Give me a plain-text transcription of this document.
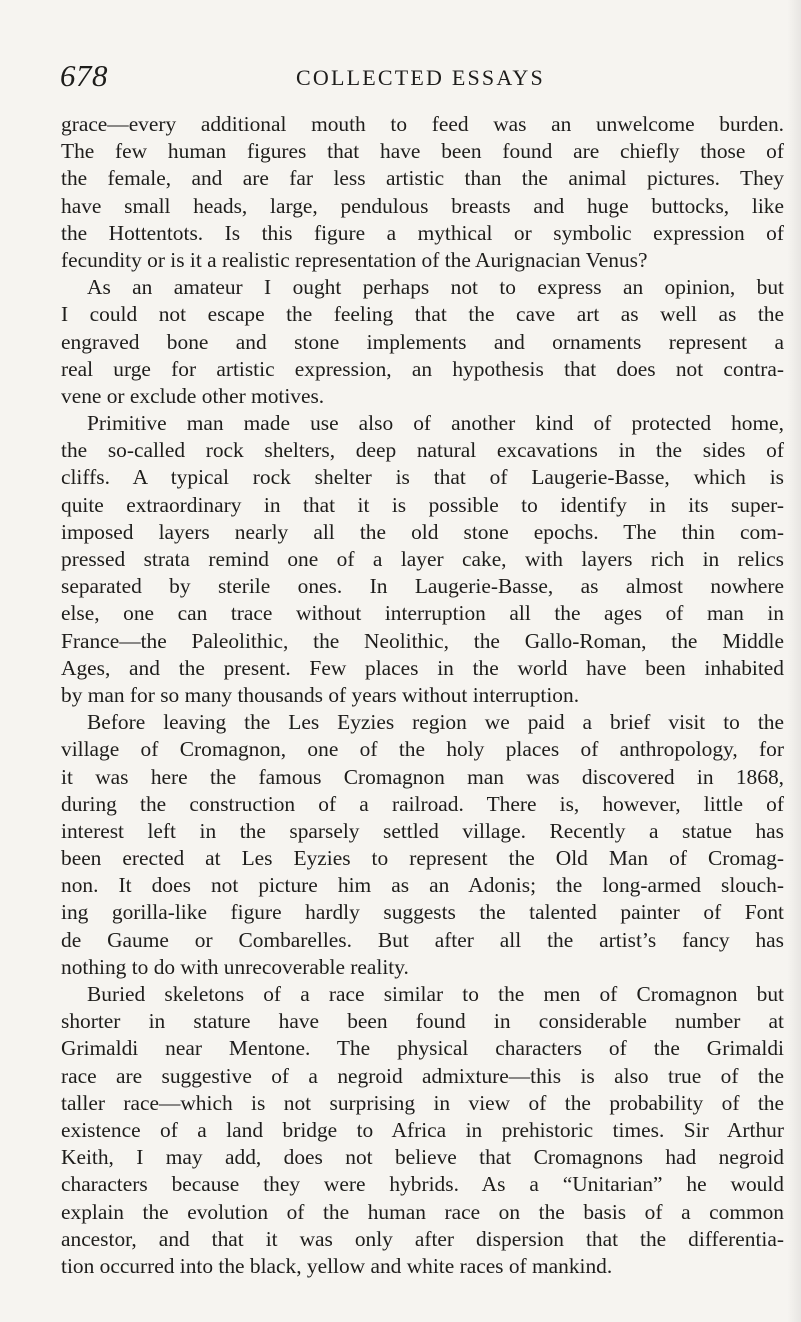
678	COLLECTED ESSAYS
grace—every additional mouth to feed was an unwelcome burden.
The few human figures that have been found are chiefly those of
the female, and are far less artistic than the animal pictures. They
have small heads, large, pendulous breasts and huge buttocks, like
the Hottentots. Is this figure a mythical or symbolic expression of
fecundity or is it a realistic representation of the Aurignacian Venus?
As an amateur I ought perhaps not to express an opinion, but
I could not escape the feeling that the cave art as well as the
engraved bone and stone implements and ornaments represent a
real urge for artistic expression, an hypothesis that does not contra-
vene or exclude other motives.
Primitive man made use also of another kind of protected home,
the so-called rock shelters, deep natural excavations in the sides of
cliffs. A typical rock shelter is that of Laugerie-Basse, which is
quite extraordinary in that it is possible to identify in its super-
imposed layers nearly all the old stone epochs. The thin com-
pressed strata remind one of a layer cake, with layers rich in relics
separated by sterile ones. In Laugerie-Basse, as almost nowhere
else, one can trace without interruption all the ages of man in
France—the Paleolithic, the Neolithic, the Gallo-Roman, the Middle
Ages, and the present. Few places in the world have been inhabited
by man for so many thousands of years without interruption.
Before leaving the Les Eyzies region we paid a brief visit to the
village of Cromagnon, one of the holy places of anthropology, for
it was here the famous Cromagnon man was discovered in 1868,
during the construction of a railroad. There is, however, little of
interest left in the sparsely settled village. Recently a statue has
been erected at Les Eyzies to represent the Old Man of Cromag-
non. It does not picture him as an Adonis; the long-armed slouch-
ing gorilla-like figure hardly suggests the talented painter of Font
de Gaume or Combarelles. But after all the artist’s fancy has
nothing to do with unrecoverable reality.
Buried skeletons of a race similar to the men of Cromagnon but
shorter in stature have been found in considerable number at
Grimaldi near Mentone. The physical characters of the Grimaldi
race are suggestive of a negroid admixture—this is also true of the
taller race—which is not surprising in view of the probability of the
existence of a land bridge to Africa in prehistoric times. Sir Arthur
Keith, I may add, does not believe that Cromagnons had negroid
characters because they were hybrids. As a “Unitarian” he would
explain the evolution of the human race on the basis of a common
ancestor, and that it was only after dispersion that the differentia-
tion occurred into the black, yellow and white races of mankind.
